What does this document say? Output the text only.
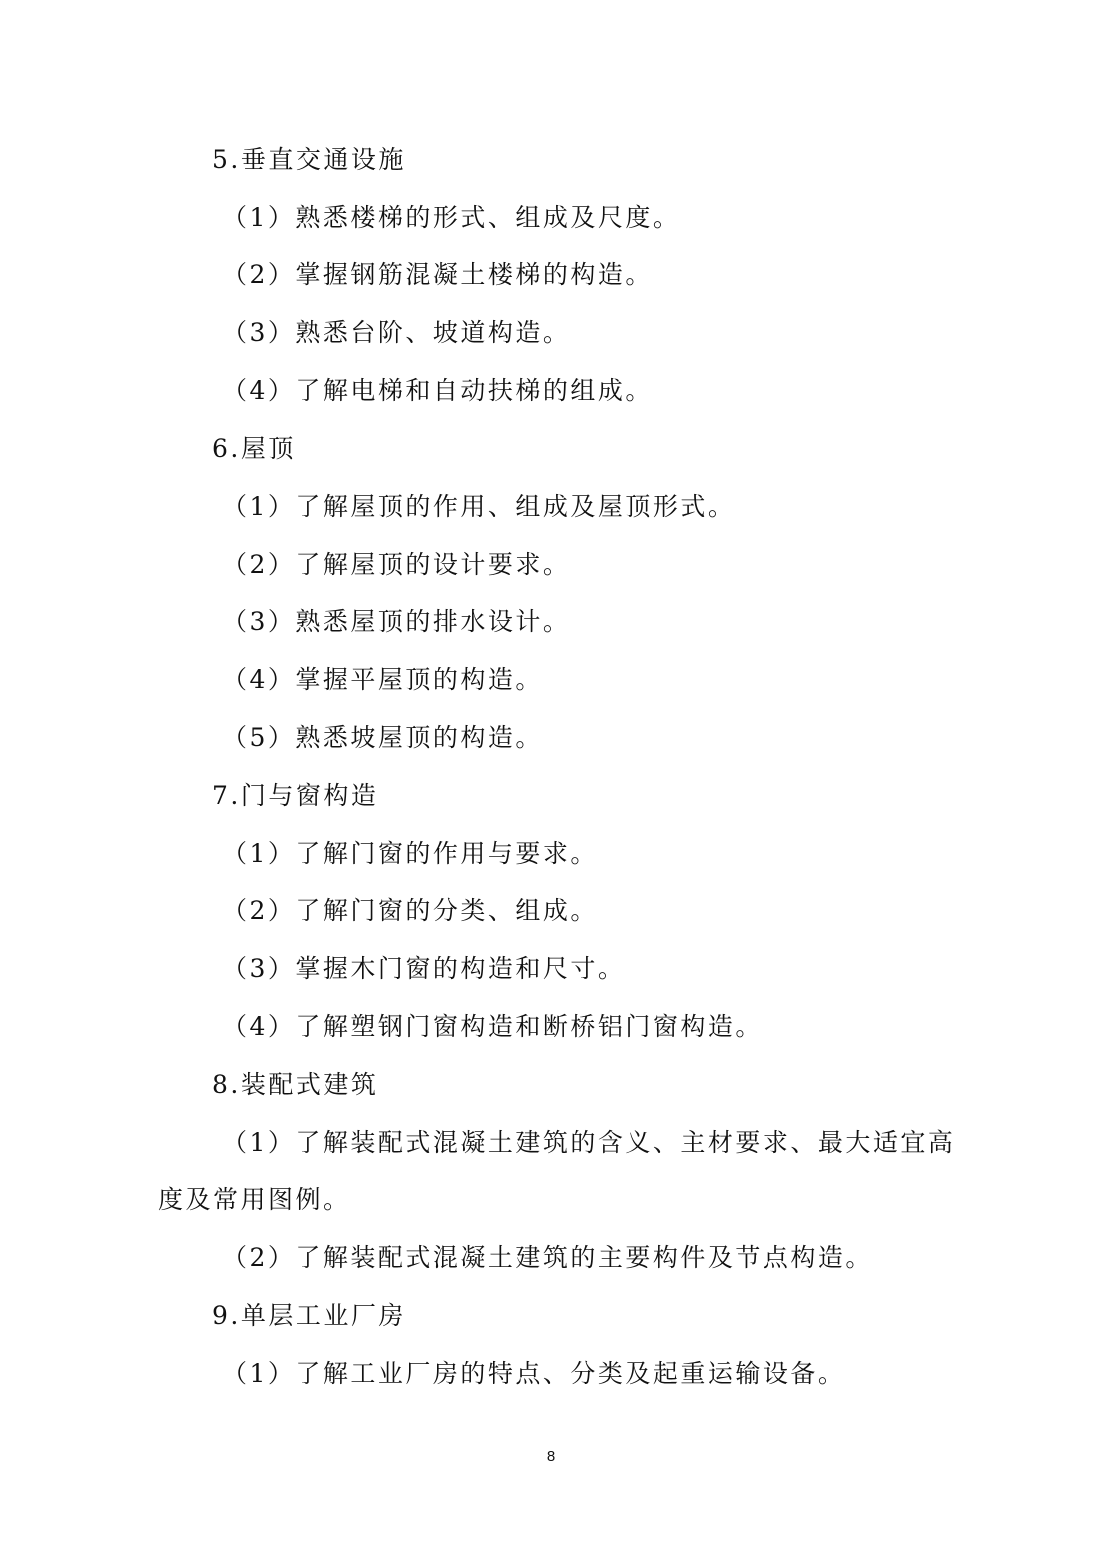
5.垂直交通设施
（1）熟悉楼梯的形式、组成及尺度。
（2）掌握钢筋混凝土楼梯的构造。
（3）熟悉台阶、坡道构造。
（4）了解电梯和自动扶梯的组成。
6.屋顶
（1）了解屋顶的作用、组成及屋顶形式。
（2）了解屋顶的设计要求。
（3）熟悉屋顶的排水设计。
（4）掌握平屋顶的构造。
（5）熟悉坡屋顶的构造。
7.门与窗构造
（1）了解门窗的作用与要求。
（2）了解门窗的分类、组成。
（3）掌握木门窗的构造和尺寸。
（4）了解塑钢门窗构造和断桥铝门窗构造。
8.装配式建筑
（1）了解装配式混凝土建筑的含义、主材要求、最大适宜高
度及常用图例。
（2）了解装配式混凝土建筑的主要构件及节点构造。
9.单层工业厂房
（1）了解工业厂房的特点、分类及起重运输设备。
8
